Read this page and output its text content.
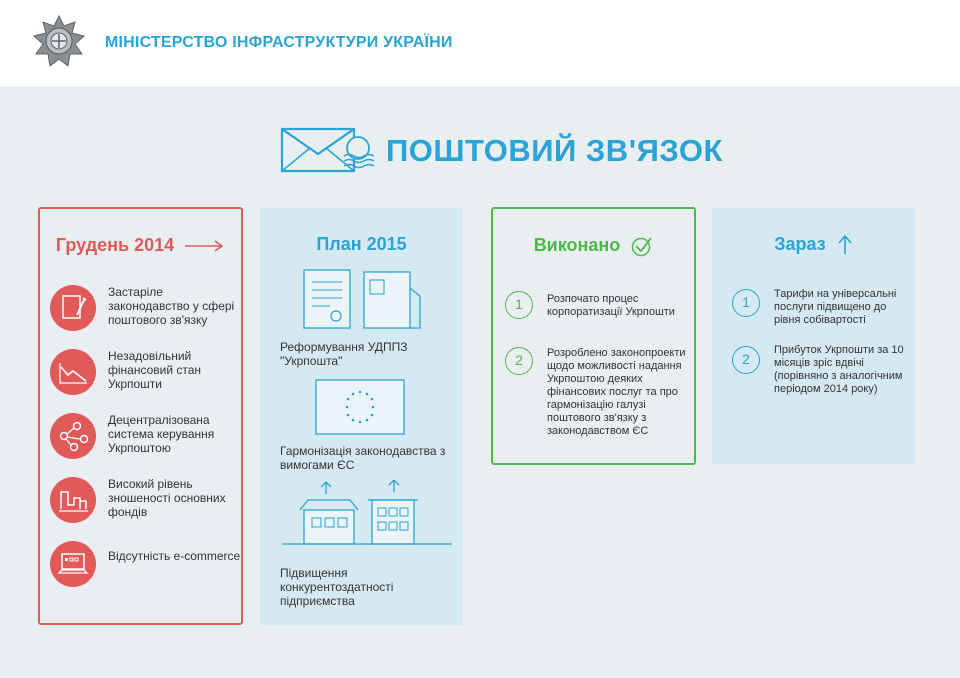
МІНІСТЕРСТВО ІНФРАСТРУКТУРИ УКРАЇНИ
ПОШТОВИЙ ЗВ'ЯЗОК
Грудень 2014
Застаріле законодавство у сфері поштового зв'язку
Незадовільний фінансовий стан Укрпошти
Децентралізована система керування Укрпоштою
Високий рівень зношеності основних фондів
Відсутність e-commerce
План 2015
Реформування УДППЗ "Укрпошта"
Гармонізація законодавства з вимогами ЄС
Підвищення конкурентоздатності підприємства
Виконано
1	Розпочато процес корпоратизації Укрпошти
2	Розроблено законопроекти щодо можливості надання Укрпоштою деяких фінансових послуг та про гармонізацію галузі поштового зв'язку з законодавством ЄС
Зараз
1	Тарифи на універсальні послуги підвищено до рівня собівартості
2
Прибуток Укрпошти за 10 місяців зріс вдвічі (порівняно з аналогічним періодом 2014 року)
